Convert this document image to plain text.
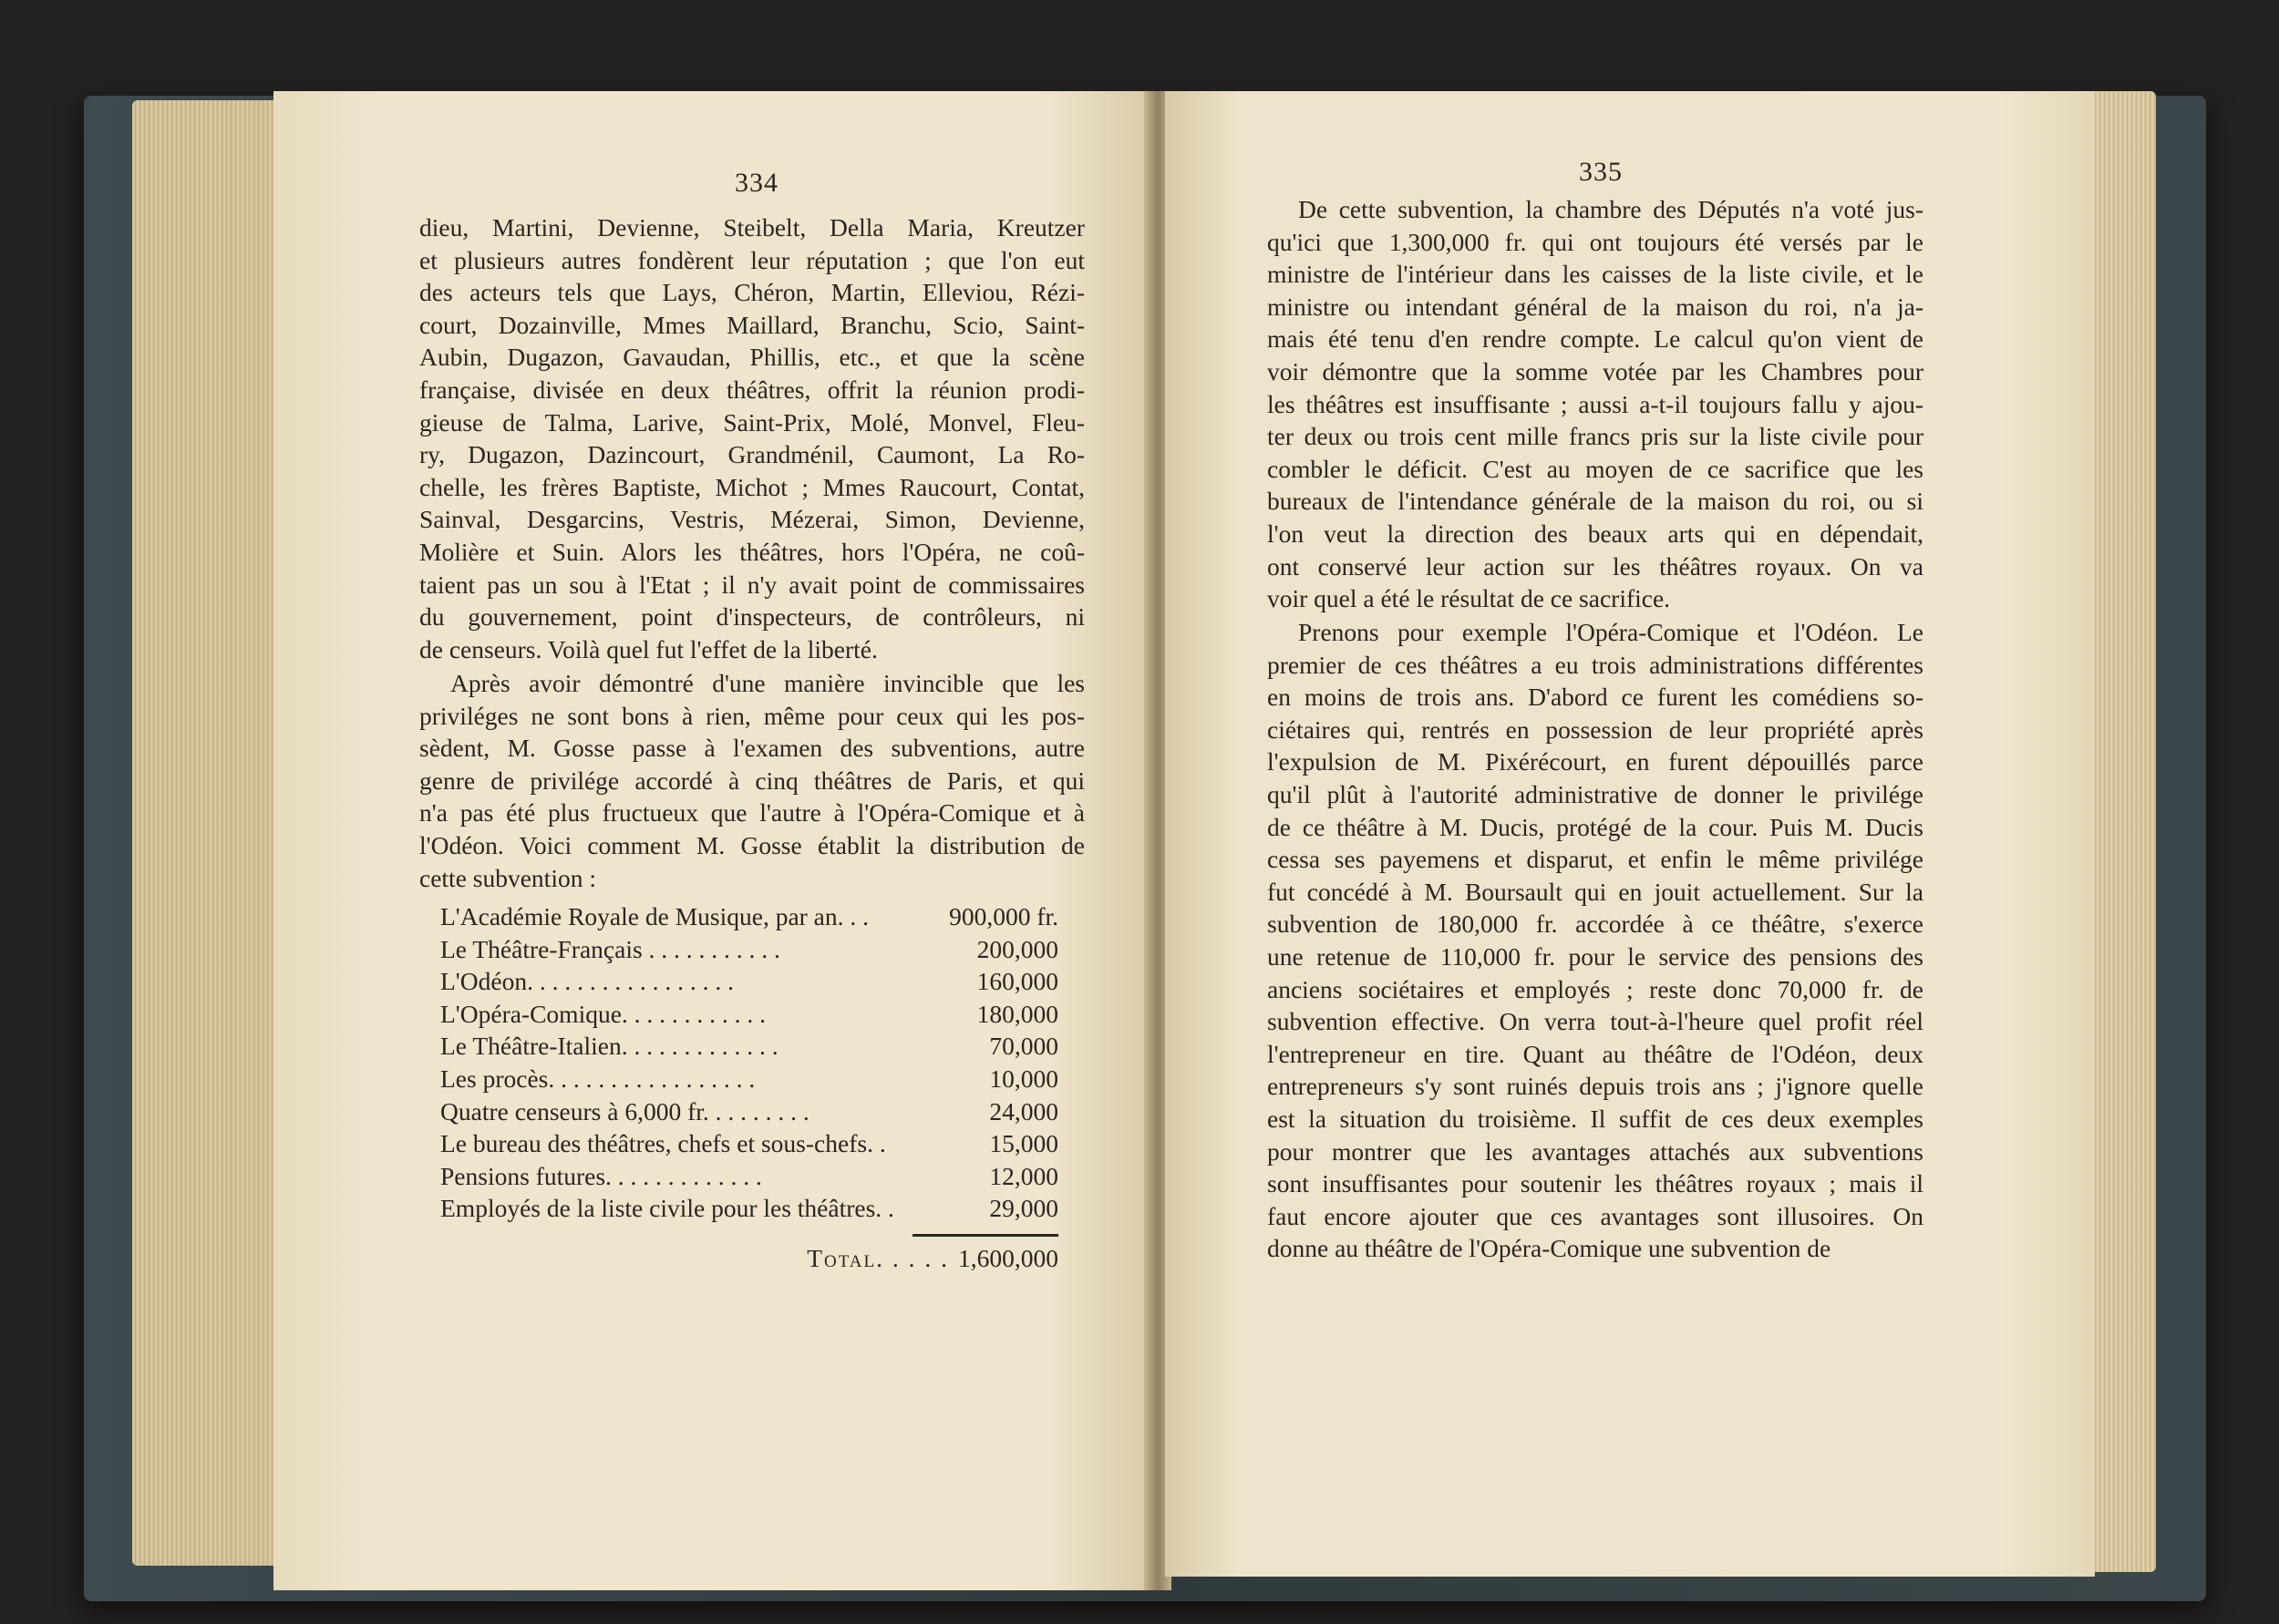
334
dieu, Martini, Devienne, Steibelt, Della Maria, Kreutzer
et plusieurs autres fondèrent leur réputation ; que l'on eut
des acteurs tels que Lays, Chéron, Martin, Elleviou, Rézi-
court, Dozainville, Mmes Maillard, Branchu, Scio, Saint-
Aubin, Dugazon, Gavaudan, Phillis, etc., et que la scène
française, divisée en deux théâtres, offrit la réunion prodi-
gieuse de Talma, Larive, Saint-Prix, Molé, Monvel, Fleu-
ry, Dugazon, Dazincourt, Grandménil, Caumont, La Ro-
chelle, les frères Baptiste, Michot ; Mmes Raucourt, Contat,
Sainval, Desgarcins, Vestris, Mézerai, Simon, Devienne,
Molière et Suin. Alors les théâtres, hors l'Opéra, ne coû-
taient pas un sou à l'Etat ; il n'y avait point de commissaires
du gouvernement, point d'inspecteurs, de contrôleurs, ni
de censeurs. Voilà quel fut l'effet de la liberté.
Après avoir démontré d'une manière invincible que les
priviléges ne sont bons à rien, même pour ceux qui les pos-
sèdent, M. Gosse passe à l'examen des subventions, autre
genre de privilége accordé à cinq théâtres de Paris, et qui
n'a pas été plus fructueux que l'autre à l'Opéra-Comique et à
l'Odéon. Voici comment M. Gosse établit la distribution de
cette subvention :
L'Académie Royale de Musique, par an. . .	900,000 fr.
Le Théâtre-Français . . . . . . . . . . .	200,000
L'Odéon. . . . . . . . . . . . . . . . .	160,000
L'Opéra-Comique. . . . . . . . . . . .	180,000
Le Théâtre-Italien. . . . . . . . . . . . .	70,000
Les procès. . . . . . . . . . . . . . . . .	10,000
Quatre censeurs à 6,000 fr. . . . . . . . .	24,000
Le bureau des théâtres, chefs et sous-chefs. .	15,000
Pensions futures. . . . . . . . . . . . .	12,000
Employés de la liste civile pour les théâtres. .	29,000
Total. . . . . 1,600,000
335
De cette subvention, la chambre des Députés n'a voté jus-
qu'ici que 1,300,000 fr. qui ont toujours été versés par le
ministre de l'intérieur dans les caisses de la liste civile, et le
ministre ou intendant général de la maison du roi, n'a ja-
mais été tenu d'en rendre compte. Le calcul qu'on vient de
voir démontre que la somme votée par les Chambres pour
les théâtres est insuffisante ; aussi a-t-il toujours fallu y ajou-
ter deux ou trois cent mille francs pris sur la liste civile pour
combler le déficit. C'est au moyen de ce sacrifice que les
bureaux de l'intendance générale de la maison du roi, ou si
l'on veut la direction des beaux arts qui en dépendait,
ont conservé leur action sur les théâtres royaux. On va
voir quel a été le résultat de ce sacrifice.
Prenons pour exemple l'Opéra-Comique et l'Odéon. Le
premier de ces théâtres a eu trois administrations différentes
en moins de trois ans. D'abord ce furent les comédiens so-
ciétaires qui, rentrés en possession de leur propriété après
l'expulsion de M. Pixérécourt, en furent dépouillés parce
qu'il plût à l'autorité administrative de donner le privilége
de ce théâtre à M. Ducis, protégé de la cour. Puis M. Ducis
cessa ses payemens et disparut, et enfin le même privilége
fut concédé à M. Boursault qui en jouit actuellement. Sur la
subvention de 180,000 fr. accordée à ce théâtre, s'exerce
une retenue de 110,000 fr. pour le service des pensions des
anciens sociétaires et employés ; reste donc 70,000 fr. de
subvention effective. On verra tout-à-l'heure quel profit réel
l'entrepreneur en tire. Quant au théâtre de l'Odéon, deux
entrepreneurs s'y sont ruinés depuis trois ans ; j'ignore quelle
est la situation du troisième. Il suffit de ces deux exemples
pour montrer que les avantages attachés aux subventions
sont insuffisantes pour soutenir les théâtres royaux ; mais il
faut encore ajouter que ces avantages sont illusoires. On
donne au théâtre de l'Opéra-Comique une subvention de
